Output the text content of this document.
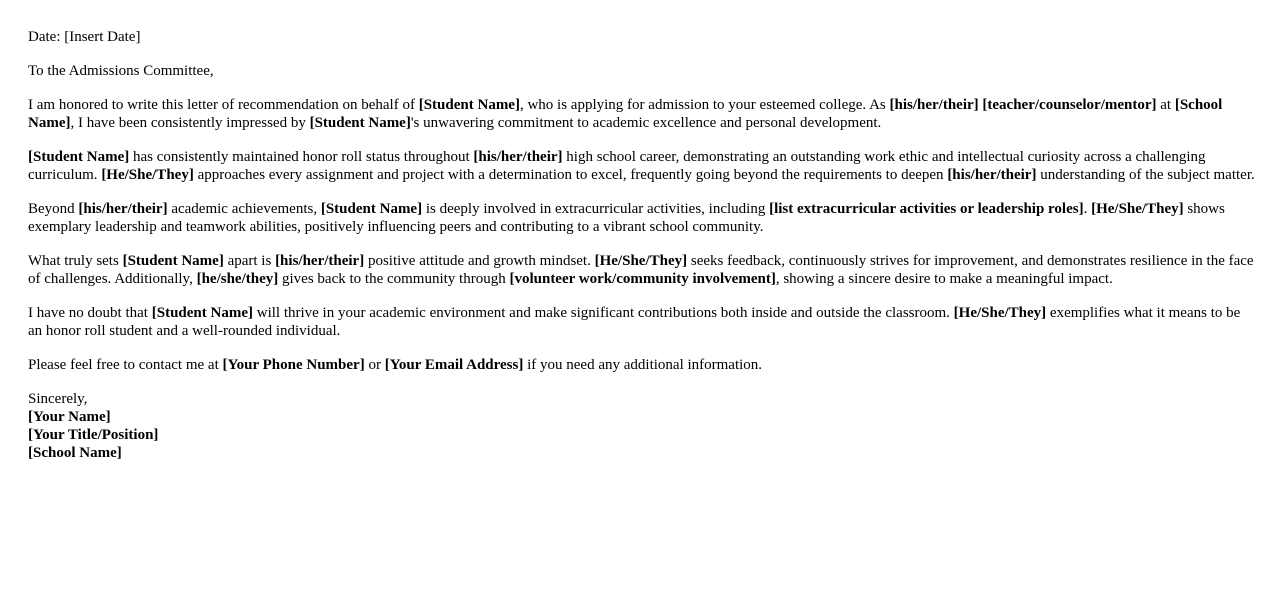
Date: [Insert Date]

To the Admissions Committee,

I am honored to write this letter of recommendation on behalf of [Student Name], who is applying for admission to your esteemed college. As [his/her/their] [teacher/counselor/mentor] at [School Name], I have been consistently impressed by [Student Name]'s unwavering commitment to academic excellence and personal development.

[Student Name] has consistently maintained honor roll status throughout [his/her/their] high school career, demonstrating an outstanding work ethic and intellectual curiosity across a challenging curriculum. [He/She/They] approaches every assignment and project with a determination to excel, frequently going beyond the requirements to deepen [his/her/their] understanding of the subject matter.

Beyond [his/her/their] academic achievements, [Student Name] is deeply involved in extracurricular activities, including [list extracurricular activities or leadership roles]. [He/She/They] shows exemplary leadership and teamwork abilities, positively influencing peers and contributing to a vibrant school community.

What truly sets [Student Name] apart is [his/her/their] positive attitude and growth mindset. [He/She/They] seeks feedback, continuously strives for improvement, and demonstrates resilience in the face of challenges. Additionally, [he/she/they] gives back to the community through [volunteer work/community involvement], showing a sincere desire to make a meaningful impact.

I have no doubt that [Student Name] will thrive in your academic environment and make significant contributions both inside and outside the classroom. [He/She/They] exemplifies what it means to be an honor roll student and a well-rounded individual.

Please feel free to contact me at [Your Phone Number] or [Your Email Address] if you need any additional information.

Sincerely,
[Your Name]
[Your Title/Position]
[School Name]
